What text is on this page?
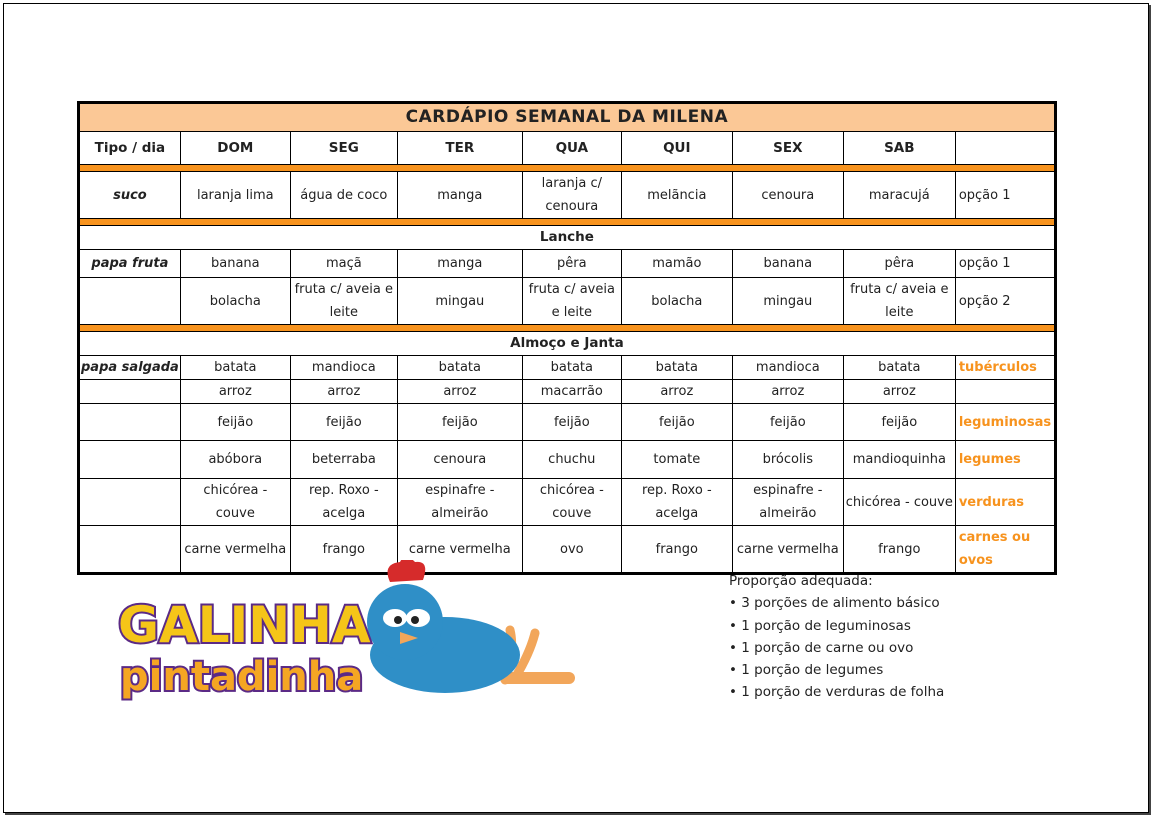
CARDÁPIO SEMANAL DA MILENA								
Tipo / dia	DOM	SEG	TER	QUA	QUI	SEX	SAB	

suco	laranja lima	água de coco	manga	laranja c/ cenoura	melãncia	cenoura	maracujá	opção 1

Lanche								
papa fruta	banana	maçã	manga	pêra	mamão	banana	pêra	opção 1
	bolacha	fruta c/ aveia e leite	mingau	fruta c/ aveia e leite	bolacha	mingau	fruta c/ aveia e leite	opção 2

Almoço e Janta								
papa salgada	batata	mandioca	batata	batata	batata	mandioca	batata	tubérculos
	arroz	arroz	arroz	macarrão	arroz	arroz	arroz	
	feijão	feijão	feijão	feijão	feijão	feijão	feijão	leguminosas
	abóbora	beterraba	cenoura	chuchu	tomate	brócolis	mandioquinha	legumes
	chicórea - couve	rep. Roxo - acelga	espinafre - almeirão	chicórea - couve	rep. Roxo - acelga	espinafre - almeirão	chicórea - couve	verduras
	carne vermelha	frango	carne vermelha	ovo	frango	carne vermelha	frango	carnes ou ovos
Proporção adequada:
• 3 porções de alimento básico
• 1 porção de leguminosas
• 1 porção de carne ou ovo
• 1 porção de legumes
• 1 porção de verduras de folha
GALINHA
pintadinha
